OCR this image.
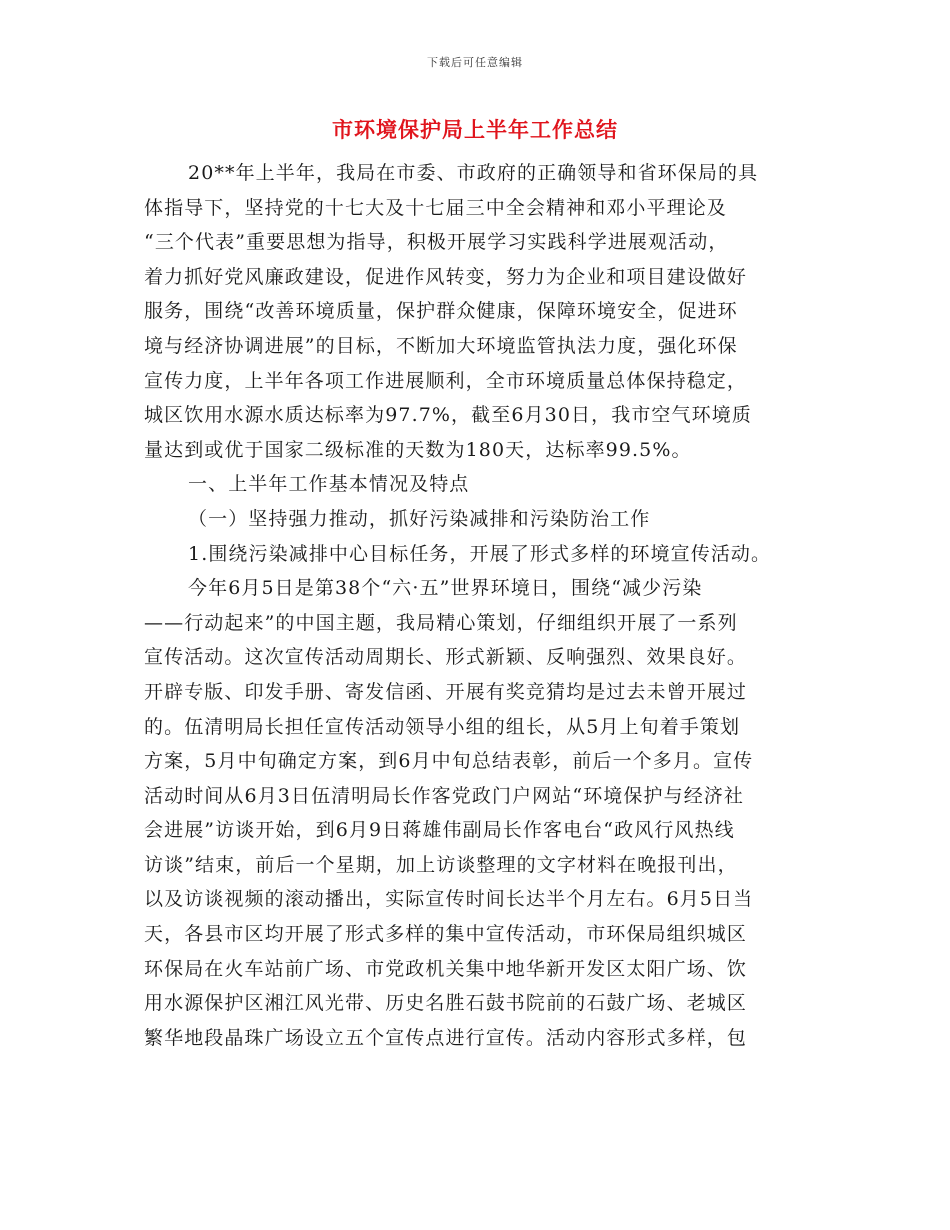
下载后可任意编辑
市环境保护局上半年工作总结
20**年上半年，我局在市委、市政府的正确领导和省环保局的具
体指导下，坚持党的十七大及十七届三中全会精神和邓小平理论及
“三个代表”重要思想为指导，积极开展学习实践科学进展观活动，
着力抓好党风廉政建设，促进作风转变，努力为企业和项目建设做好
服务，围绕“改善环境质量，保护群众健康，保障环境安全，促进环
境与经济协调进展”的目标，不断加大环境监管执法力度，强化环保
宣传力度，上半年各项工作进展顺利，全市环境质量总体保持稳定，
城区饮用水源水质达标率为97.7%，截至6月30日，我市空气环境质
量达到或优于国家二级标准的天数为180天，达标率99.5%。
一、上半年工作基本情况及特点
（一）坚持强力推动，抓好污染减排和污染防治工作
1.围绕污染减排中心目标任务，开展了形式多样的环境宣传活动。
今年6月5日是第38个“六·五”世界环境日，围绕“减少污染
——行动起来”的中国主题，我局精心策划，仔细组织开展了一系列
宣传活动。这次宣传活动周期长、形式新颖、反响强烈、效果良好。
开辟专版、印发手册、寄发信函、开展有奖竞猜均是过去未曾开展过
的。伍清明局长担任宣传活动领导小组的组长，从5月上旬着手策划
方案，5月中旬确定方案，到6月中旬总结表彰，前后一个多月。宣传
活动时间从6月3日伍清明局长作客党政门户网站“环境保护与经济社
会进展”访谈开始，到6月9日蒋雄伟副局长作客电台“政风行风热线
访谈”结束，前后一个星期，加上访谈整理的文字材料在晚报刊出，
以及访谈视频的滚动播出，实际宣传时间长达半个月左右。6月5日当
天，各县市区均开展了形式多样的集中宣传活动，市环保局组织城区
环保局在火车站前广场、市党政机关集中地华新开发区太阳广场、饮
用水源保护区湘江风光带、历史名胜石鼓书院前的石鼓广场、老城区
繁华地段晶珠广场设立五个宣传点进行宣传。活动内容形式多样，包
